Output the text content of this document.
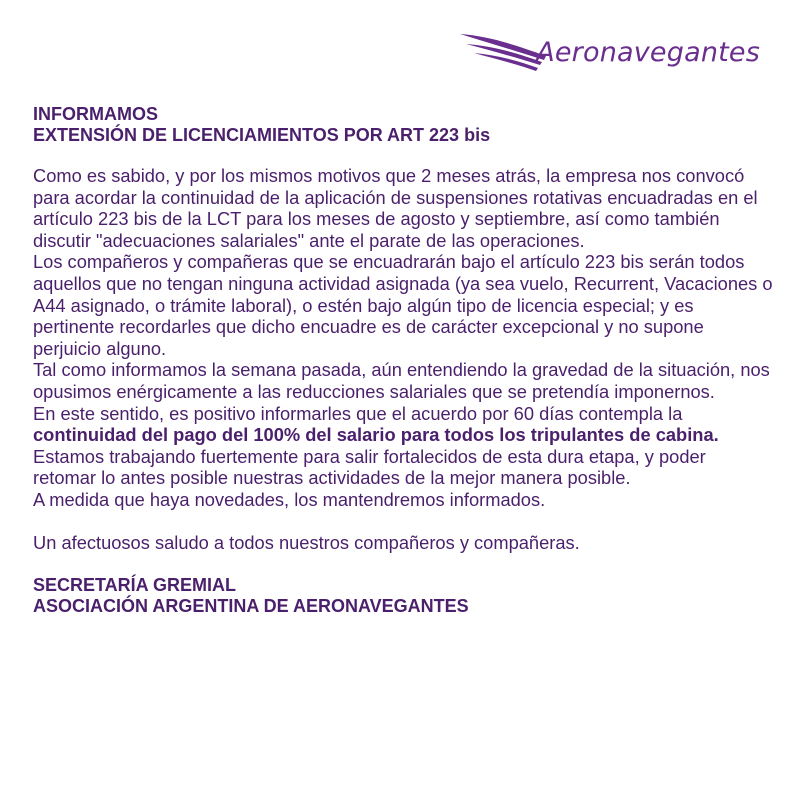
Aeronavegantes
INFORMAMOS
EXTENSIÓN DE LICENCIAMIENTOS POR ART 223 bis

Como es sabido, y por los mismos motivos que 2 meses atrás, la empresa nos convocó para acordar la continuidad de la aplicación de suspensiones rotativas encuadradas en el artículo 223 bis de la LCT para los meses de agosto y septiembre, así como también discutir "adecuaciones salariales" ante el parate de las operaciones.

Los compañeros y compañeras que se encuadrarán bajo el artículo 223 bis serán todos aquellos que no tengan ninguna actividad asignada (ya sea vuelo, Recurrent, Vacaciones o A44 asignado, o trámite laboral), o estén bajo algún tipo de licencia especial; y es pertinente recordarles que dicho encuadre es de carácter excepcional y no supone perjuicio alguno.

Tal como informamos la semana pasada, aún entendiendo la gravedad de la situación, nos opusimos enérgicamente a las reducciones salariales que se pretendía imponernos.

En este sentido, es positivo informarles que el acuerdo por 60 días contempla la continuidad del pago del 100% del salario para todos los tripulantes de cabina.

Estamos trabajando fuertemente para salir fortalecidos de esta dura etapa, y poder retomar lo antes posible nuestras actividades de la mejor manera posible.

A medida que haya novedades, los mantendremos informados.

Un afectuosos saludo a todos nuestros compañeros y compañeras.

SECRETARÍA GREMIAL
ASOCIACIÓN ARGENTINA DE AERONAVEGANTES
